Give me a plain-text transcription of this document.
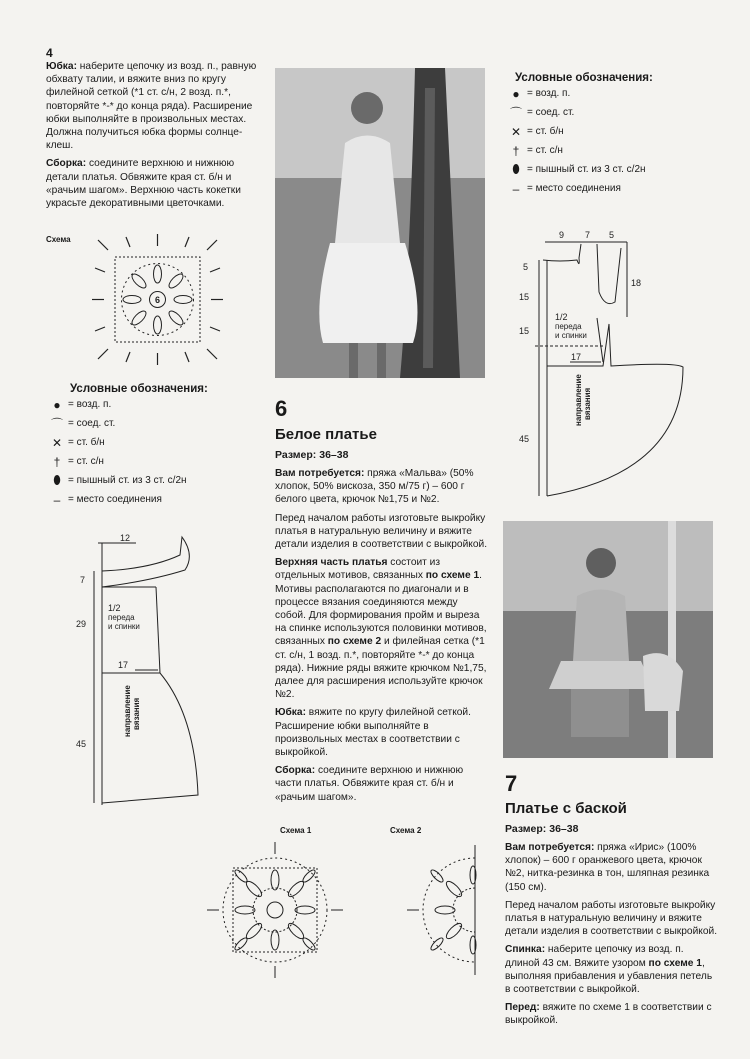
4
Юбка: наберите цепочку из возд. п., равную обхвату талии, и вяжите вниз по кругу филейной сеткой (*1 ст. с/н, 2 возд. п.*, повторяйте *-* до конца ряда). Расширение юбки выполняйте в произвольных местах. Должна получиться юбка формы солнце-клеш.
Сборка: соедините верхнюю и нижнюю детали платья. Обвяжите края ст. б/н и «рачьим шагом». Верхнюю часть кокетки украсьте декоративными цветочками.
Схема
6
Условные обозначения:
● = возд. п.
⌒ = соед. ст.
✕ = ст. б/н
† = ст. с/н
⬮ = пышный ст. из 3 ст. с/2н
– = место соединения
12
7
29
45
17
1/2
переда
и спинки
направление вязания
6
Белое платье
Размер: 36–38
Вам потребуется: пряжа «Мальва» (50% хлопок, 50% вискоза, 350 м/75 г) – 600 г белого цвета, крючок №1,75 и №2.
Перед началом работы изготовьте выкройку платья в натуральную величину и вяжите детали изделия в соответствии с выкройкой.
Верхняя часть платья состоит из отдельных мотивов, связанных по схеме 1. Мотивы располагаются по диагонали и в процессе вязания соединяются между собой. Для формирования пройм и выреза на спинке используются половинки мотивов, связанных по схеме 2 и филейная сетка (*1 ст. с/н, 1 возд. п.*, повторяйте *-* до конца ряда). Нижние ряды вяжите крючком №1,75, далее для расширения используйте крючок №2.
Юбка: вяжите по кругу филейной сеткой. Расширение юбки выполняйте в произвольных местах в соответствии с выкройкой.
Сборка: соедините верхнюю и нижнюю части платья. Обвяжите края ст. б/н и «рачьим шагом».
Схема 1	Схема 2
Условные обозначения:
● = возд. п.
⌒ = соед. ст.
✕ = ст. б/н
† = ст. с/н
⬮ = пышный ст. из 3 ст. с/2н
– = место соединения
9 7 5
5
15
15
45
18
17
1/2
переда
и спинки
направление вязания
7
Платье с баской
Размер: 36–38
Вам потребуется: пряжа «Ирис» (100% хлопок) – 600 г оранжевого цвета, крючок №2, нитка-резинка в тон, шляпная резинка (150 см).
Перед началом работы изготовьте выкройку платья в натуральную величину и вяжите детали изделия в соответствии с выкройкой.
Спинка: наберите цепочку из возд. п. длиной 43 см. Вяжите узором по схеме 1, выполняя прибавления и убавления петель в соответствии с выкройкой.
Перед: вяжите по схеме 1 в соответствии с выкройкой.
